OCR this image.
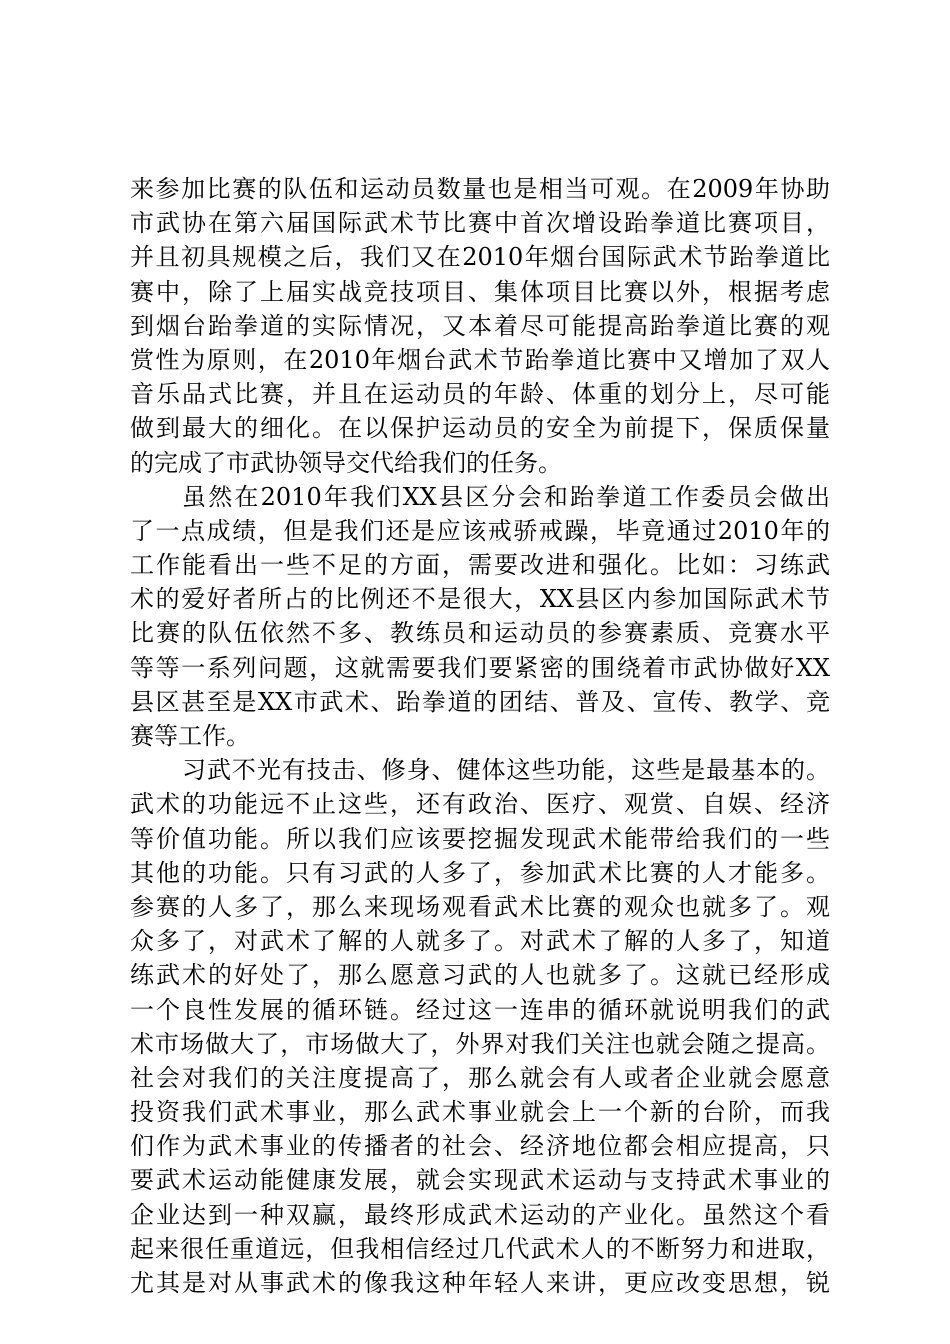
来参加比赛的队伍和运动员数量也是相当可观。在2009年协助
市武协在第六届国际武术节比赛中首次增设跆拳道比赛项目，
并且初具规模之后，我们又在2010年烟台国际武术节跆拳道比
赛中，除了上届实战竞技项目、集体项目比赛以外，根据考虑
到烟台跆拳道的实际情况，又本着尽可能提高跆拳道比赛的观
赏性为原则，在2010年烟台武术节跆拳道比赛中又增加了双人
音乐品式比赛，并且在运动员的年龄、体重的划分上，尽可能
做到最大的细化。在以保护运动员的安全为前提下，保质保量
的完成了市武协领导交代给我们的任务。
虽然在2010年我们XX县区分会和跆拳道工作委员会做出
了一点成绩，但是我们还是应该戒骄戒躁，毕竟通过2010年的
工作能看出一些不足的方面，需要改进和强化。比如：习练武
术的爱好者所占的比例还不是很大，XX县区内参加国际武术节
比赛的队伍依然不多、教练员和运动员的参赛素质、竞赛水平
等等一系列问题，这就需要我们要紧密的围绕着市武协做好XX
县区甚至是XX市武术、跆拳道的团结、普及、宣传、教学、竞
赛等工作。
习武不光有技击、修身、健体这些功能，这些是最基本的。
武术的功能远不止这些，还有政治、医疗、观赏、自娱、经济
等价值功能。所以我们应该要挖掘发现武术能带给我们的一些
其他的功能。只有习武的人多了，参加武术比赛的人才能多。
参赛的人多了，那么来现场观看武术比赛的观众也就多了。观
众多了，对武术了解的人就多了。对武术了解的人多了，知道
练武术的好处了，那么愿意习武的人也就多了。这就已经形成
一个良性发展的循环链。经过这一连串的循环就说明我们的武
术市场做大了，市场做大了，外界对我们关注也就会随之提高。
社会对我们的关注度提高了，那么就会有人或者企业就会愿意
投资我们武术事业，那么武术事业就会上一个新的台阶，而我
们作为武术事业的传播者的社会、经济地位都会相应提高，只
要武术运动能健康发展，就会实现武术运动与支持武术事业的
企业达到一种双赢，最终形成武术运动的产业化。虽然这个看
起来很任重道远，但我相信经过几代武术人的不断努力和进取，
尤其是对从事武术的像我这种年轻人来讲，更应改变思想，锐
